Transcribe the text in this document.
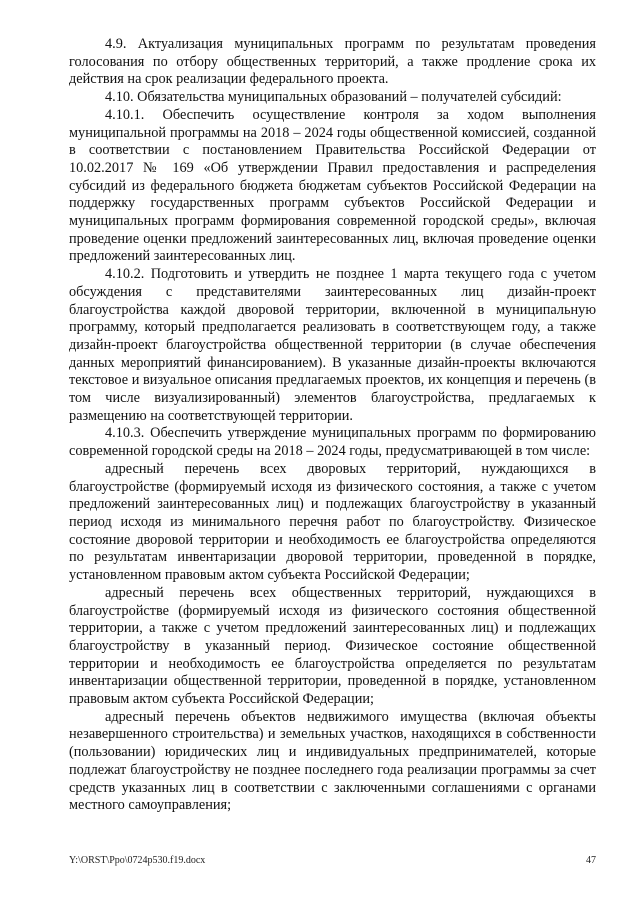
4.9. Актуализация муниципальных программ по результатам проведения голосования по отбору общественных территорий, а также продление срока их действия на срок реализации федерального проекта.

4.10. Обязательства муниципальных образований – получателей субсидий:

4.10.1. Обеспечить осуществление контроля за ходом выполнения муниципальной программы на 2018 – 2024 годы общественной комиссией, созданной в соответствии с постановлением Правительства Российской Федерации от 10.02.2017 № 169 «Об утверждении Правил предоставления и распределения субсидий из федерального бюджета бюджетам субъектов Российской Федерации на поддержку государственных программ субъектов Российской Федерации и муниципальных программ формирования современной городской среды», включая проведение оценки предложений заинтересованных лиц, включая проведение оценки предложений заинтересованных лиц.

4.10.2. Подготовить и утвердить не позднее 1 марта текущего года с учетом обсуждения с представителями заинтересованных лиц дизайн-проект благоустройства каждой дворовой территории, включенной в муниципальную программу, который предполагается реализовать в соответствующем году, а также дизайн-проект благоустройства общественной территории (в случае обеспечения данных мероприятий финансированием). В указанные дизайн-проекты включаются текстовое и визуальное описания предлагаемых проектов, их концепция и перечень (в том числе визуализированный) элементов благоустройства, предлагаемых к размещению на соответствующей территории.

4.10.3. Обеспечить утверждение муниципальных программ по формированию современной городской среды на 2018 – 2024 годы, предусматривающей в том числе:

адресный перечень всех дворовых территорий, нуждающихся в благоустройстве (формируемый исходя из физического состояния, а также с учетом предложений заинтересованных лиц) и подлежащих благоустройству в указанный период исходя из минимального перечня работ по благоустройству. Физическое состояние дворовой территории и необходимость ее благоустройства определяются по результатам инвентаризации дворовой территории, проведенной в порядке, установленном правовым актом субъекта Российской Федерации;

адресный перечень всех общественных территорий, нуждающихся в благоустройстве (формируемый исходя из физического состояния общественной территории, а также с учетом предложений заинтересованных лиц) и подлежащих благоустройству в указанный период. Физическое состояние общественной территории и необходимость ее благоустройства определяется по результатам инвентаризации общественной территории, проведенной в порядке, установленном правовым актом субъекта Российской Федерации;

адресный перечень объектов недвижимого имущества (включая объекты незавершенного строительства) и земельных участков, находящихся в собственности (пользовании) юридических лиц и индивидуальных предпринимателей, которые подлежат благоустройству не позднее последнего года реализации программы за счет средств указанных лиц в соответствии с заключенными соглашениями с органами местного самоуправления;

Y:\ORST\Ppo\0724p530.f19.docx	47
